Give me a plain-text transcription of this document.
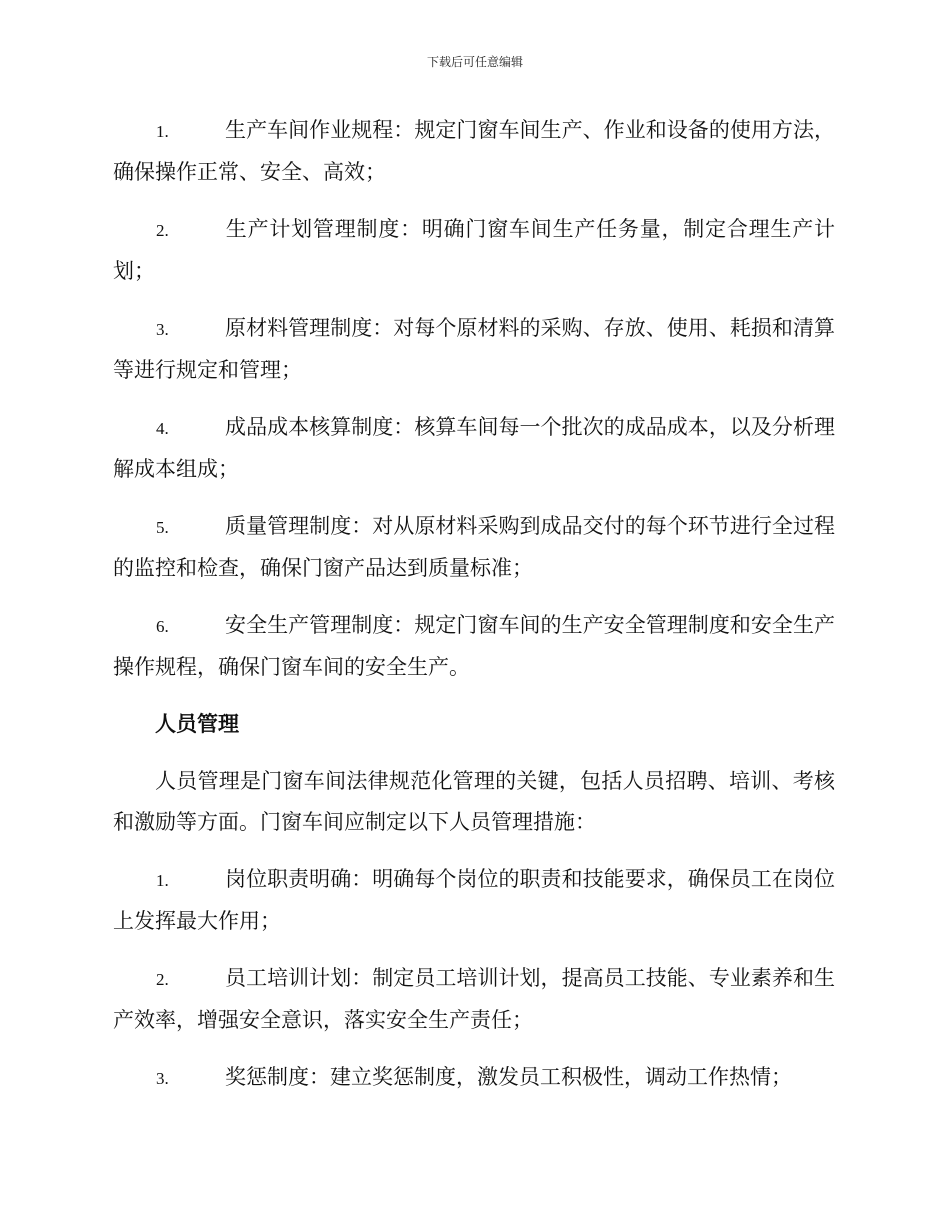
下载后可任意编辑
1.	生产车间作业规程：规定门窗车间生产、作业和设备的使用方法，确保操作正常、安全、高效；
2.	生产计划管理制度：明确门窗车间生产任务量，制定合理生产计划；
3.	原材料管理制度：对每个原材料的采购、存放、使用、耗损和清算等进行规定和管理；
4.	成品成本核算制度：核算车间每一个批次的成品成本，以及分析理解成本组成；
5.	质量管理制度：对从原材料采购到成品交付的每个环节进行全过程的监控和检查，确保门窗产品达到质量标准；
6.	安全生产管理制度：规定门窗车间的生产安全管理制度和安全生产操作规程，确保门窗车间的安全生产。
人员管理
人员管理是门窗车间法律规范化管理的关键，包括人员招聘、培训、考核和激励等方面。门窗车间应制定以下人员管理措施：
1.	岗位职责明确：明确每个岗位的职责和技能要求，确保员工在岗位上发挥最大作用；
2.	员工培训计划：制定员工培训计划，提高员工技能、专业素养和生产效率，增强安全意识，落实安全生产责任；
3.	奖惩制度：建立奖惩制度，激发员工积极性，调动工作热情；
